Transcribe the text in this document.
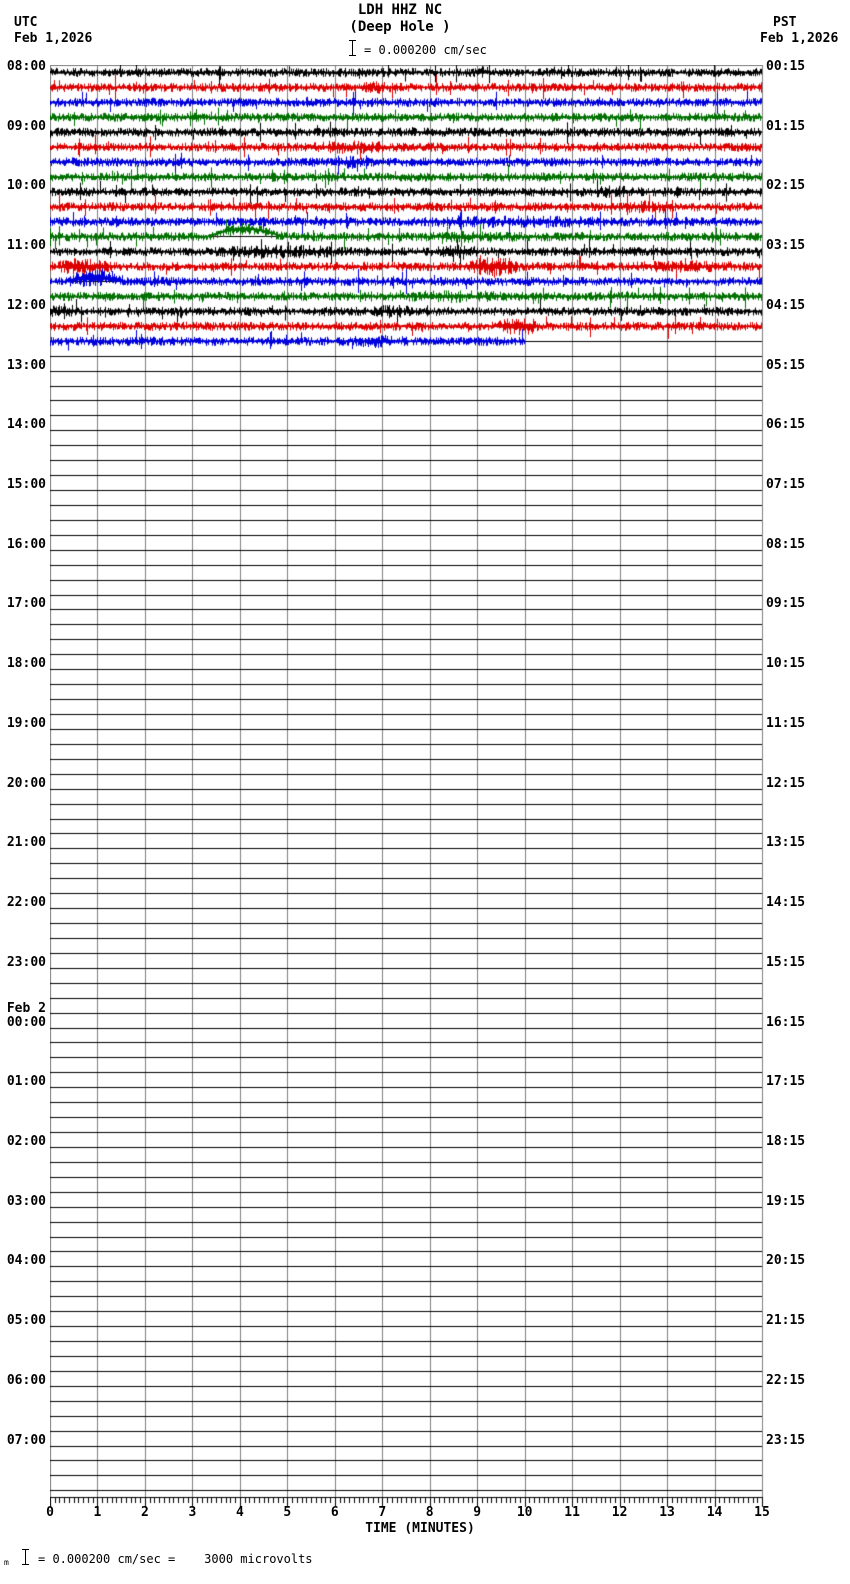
LDH HHZ NC
(Deep Hole )
UTC
Feb 1,2026
PST
Feb 1,2026
= 0.000200 cm/sec
08:00
09:00
10:00
11:00
12:00
13:00
14:00
15:00
16:00
17:00
18:00
19:00
20:00
21:00
22:00
23:00
00:00
Feb 2
01:00
02:00
03:00
04:00
05:00
06:00
07:00
00:15
01:15
02:15
03:15
04:15
05:15
06:15
07:15
08:15
09:15
10:15
11:15
12:15
13:15
14:15
15:15
16:15
17:15
18:15
19:15
20:15
21:15
22:15
23:15
0	1	2	3	4	5	6	7	8	9	10	11	12	13	14	15
TIME (MINUTES)
m = 0.000200 cm/sec =    3000 microvolts
